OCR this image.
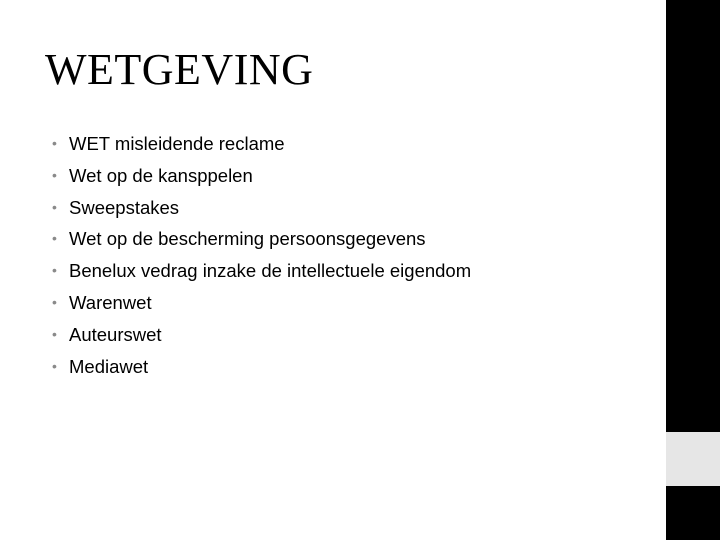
WETGEVING
• WET misleidende reclame
• Wet op de kansppelen
• Sweepstakes
• Wet op de bescherming persoonsgegevens
• Benelux vedrag inzake de intellectuele eigendom
• Warenwet
• Auteurswet
• Mediawet
